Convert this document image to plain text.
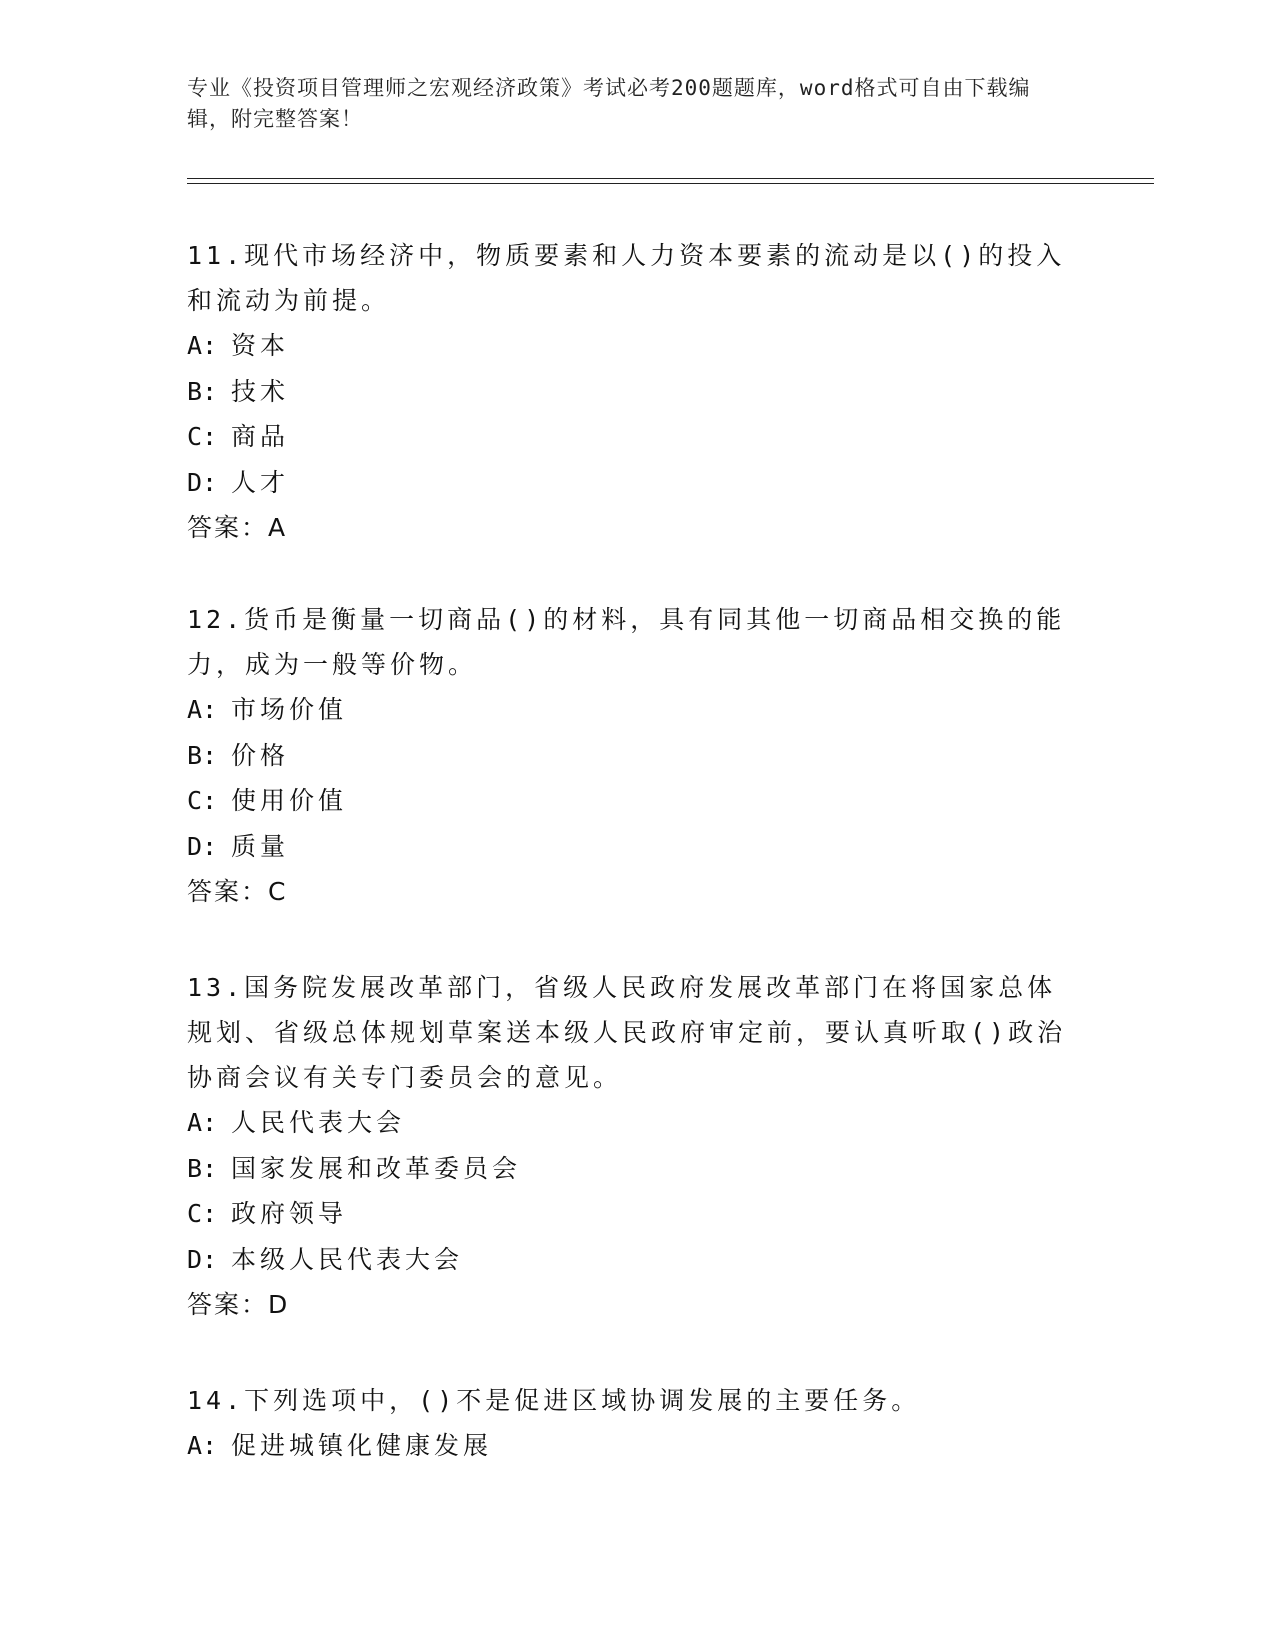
专业《投资项目管理师之宏观经济政策》考试必考200题题库，word格式可自由下载编辑，附完整答案！
11.现代市场经济中，物质要素和人力资本要素的流动是以()的投入和流动为前提。
A: 资本
B: 技术
C: 商品
D: 人才
答案：A
12.货币是衡量一切商品()的材料，具有同其他一切商品相交换的能力，成为一般等价物。
A: 市场价值
B: 价格
C: 使用价值
D: 质量
答案：C
13.国务院发展改革部门，省级人民政府发展改革部门在将国家总体规划、省级总体规划草案送本级人民政府审定前，要认真听取()政治协商会议有关专门委员会的意见。
A: 人民代表大会
B: 国家发展和改革委员会
C: 政府领导
D: 本级人民代表大会
答案：D
14.下列选项中，()不是促进区域协调发展的主要任务。
A: 促进城镇化健康发展
